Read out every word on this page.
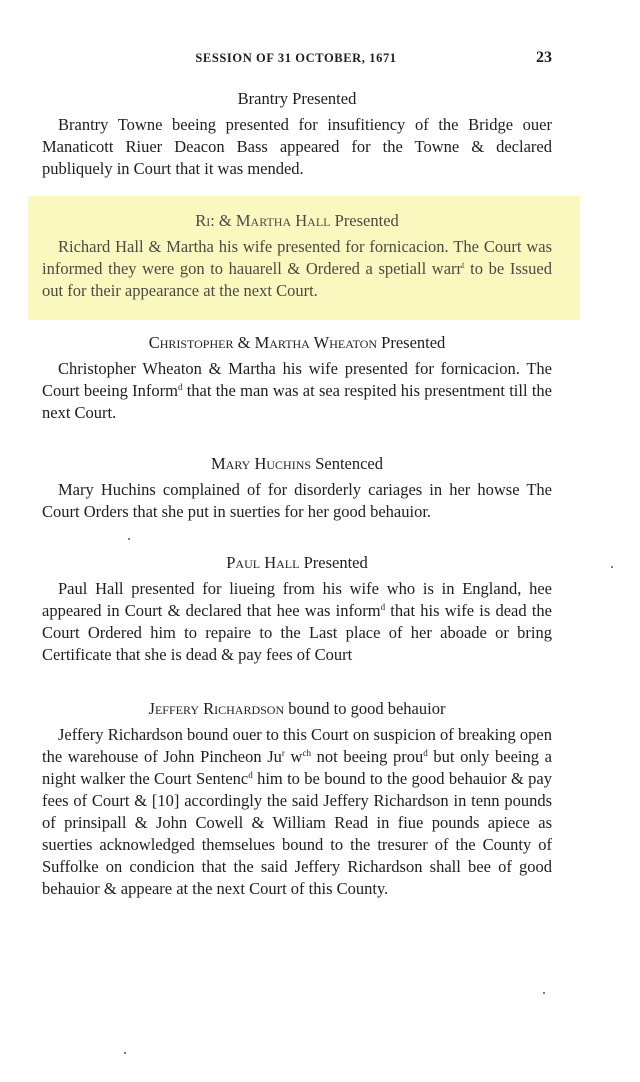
SESSION OF 31 OCTOBER, 1671	23
Brantry Presented

Brantry Towne beeing presented for insufitiency of the Bridge ouer Manaticott Riuer Deacon Bass appeared for the Towne & declared publiquely in Court that it was mended.

Ri: & Martha Hall Presented

Richard Hall & Martha his wife presented for fornicacion. The Court was informed they were gon to hauarell & Ordered a spetiall warr$^t$ to be Issued out for their appearance at the next Court.

Christopher & Martha Wheaton Presented

Christopher Wheaton & Martha his wife presented for fornicacion. The Court beeing Inform$^d$ that the man was at sea respited his presentment till the next Court.

Mary Huchins Sentenced

Mary Huchins complained of for disorderly cariages in her howse The Court Orders that she put in suerties for her good behauior.

Paul Hall Presented

Paul Hall presented for liueing from his wife who is in England, hee appeared in Court & declared that hee was inform$^d$ that his wife is dead the Court Ordered him to repaire to the Last place of her aboade or bring Certificate that she is dead & pay fees of Court

Jeffery Richardson bound to good behauior

Jeffery Richardson bound ouer to this Court on suspicion of breaking open the warehouse of John Pincheon Ju$^r$ $w^{ch}$ not beeing prou$^d$ but only beeing a night walker the Court Sentenc$^d$ him to be bound to the good behauior & pay fees of Court & [10] accordingly the said Jeffery Richardson in tenn pounds of prinsipall & John Cowell & William Read in fiue pounds apiece as suerties acknowledged themselues bound to the tresurer of the County of Suffolke on condicion that the said Jeffery Richardson shall bee of good behauior & appeare at the next Court of this County.
